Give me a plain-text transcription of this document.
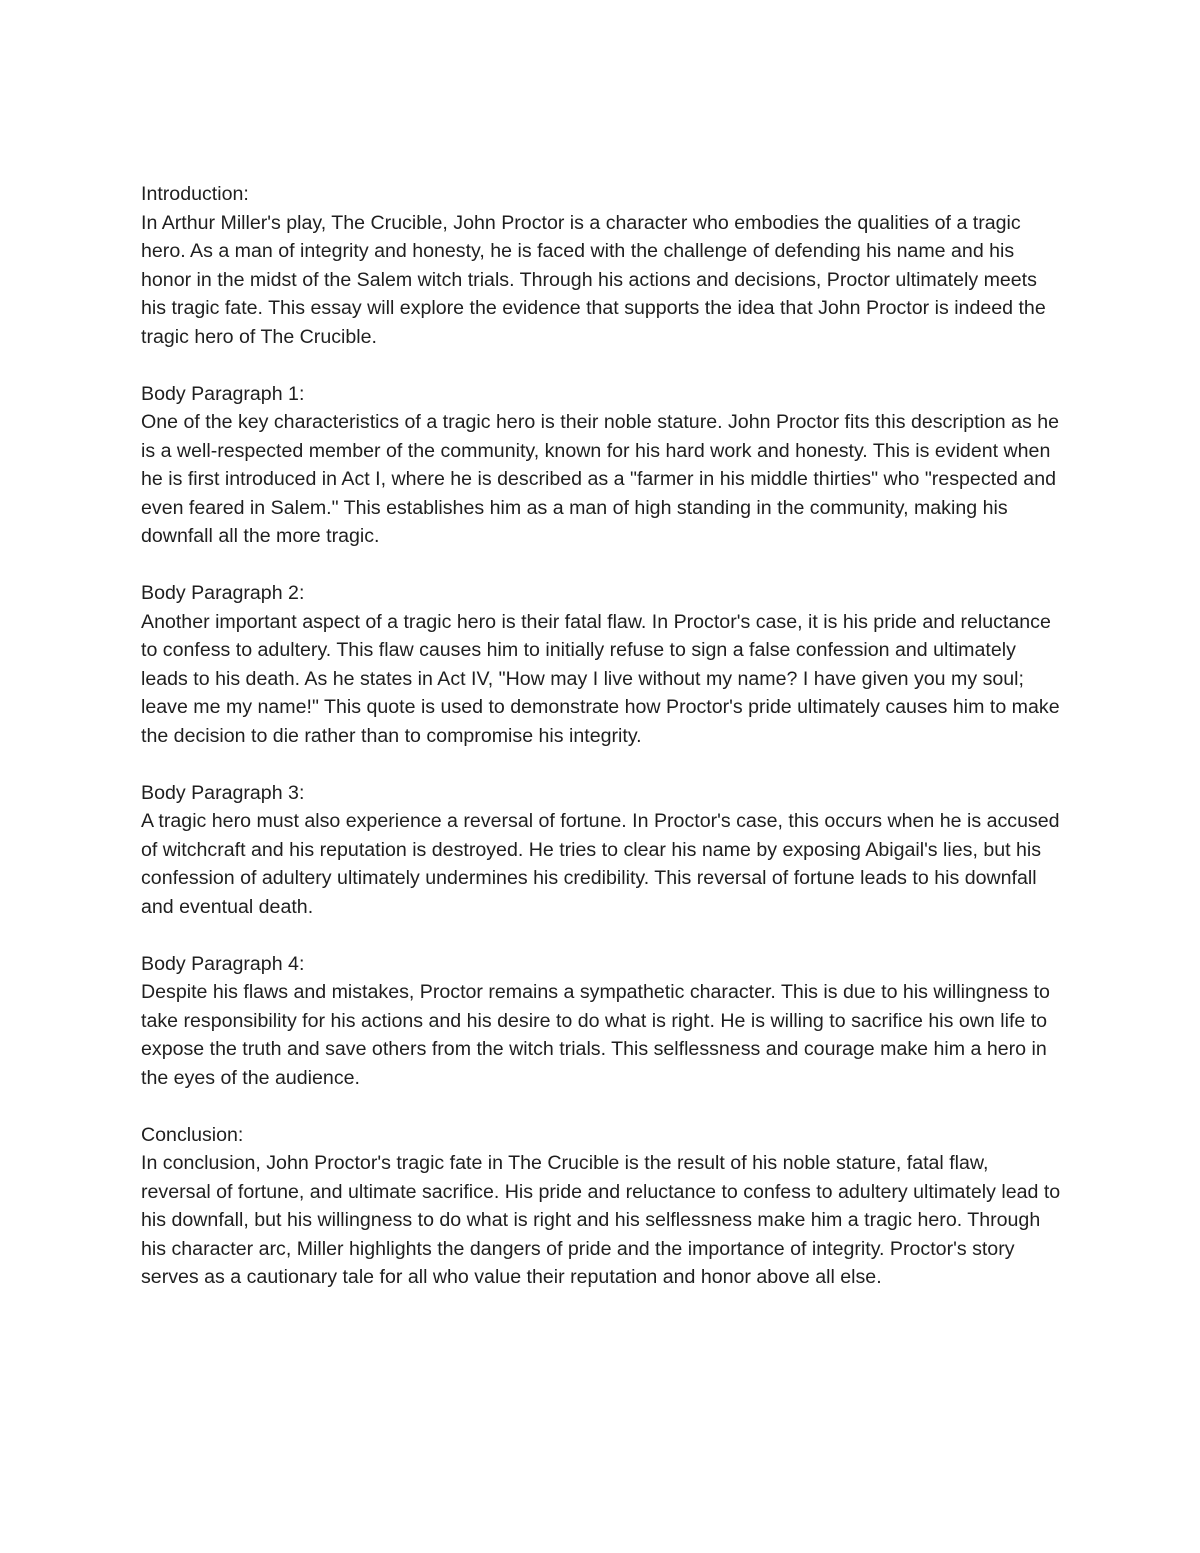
Introduction:
In Arthur Miller's play, The Crucible, John Proctor is a character who embodies the qualities of a tragic hero. As a man of integrity and honesty, he is faced with the challenge of defending his name and his honor in the midst of the Salem witch trials. Through his actions and decisions, Proctor ultimately meets his tragic fate. This essay will explore the evidence that supports the idea that John Proctor is indeed the tragic hero of The Crucible.
Body Paragraph 1:
One of the key characteristics of a tragic hero is their noble stature. John Proctor fits this description as he is a well-respected member of the community, known for his hard work and honesty. This is evident when he is first introduced in Act I, where he is described as a "farmer in his middle thirties" who "respected and even feared in Salem." This establishes him as a man of high standing in the community, making his downfall all the more tragic.
Body Paragraph 2:
Another important aspect of a tragic hero is their fatal flaw. In Proctor's case, it is his pride and reluctance to confess to adultery. This flaw causes him to initially refuse to sign a false confession and ultimately leads to his death. As he states in Act IV, "How may I live without my name? I have given you my soul; leave me my name!" This quote is used to demonstrate how Proctor's pride ultimately causes him to make the decision to die rather than to compromise his integrity.
Body Paragraph 3:
A tragic hero must also experience a reversal of fortune. In Proctor's case, this occurs when he is accused of witchcraft and his reputation is destroyed. He tries to clear his name by exposing Abigail's lies, but his confession of adultery ultimately undermines his credibility. This reversal of fortune leads to his downfall and eventual death.
Body Paragraph 4:
Despite his flaws and mistakes, Proctor remains a sympathetic character. This is due to his willingness to take responsibility for his actions and his desire to do what is right. He is willing to sacrifice his own life to expose the truth and save others from the witch trials. This selflessness and courage make him a hero in the eyes of the audience.
Conclusion:
In conclusion, John Proctor's tragic fate in The Crucible is the result of his noble stature, fatal flaw, reversal of fortune, and ultimate sacrifice. His pride and reluctance to confess to adultery ultimately lead to his downfall, but his willingness to do what is right and his selflessness make him a tragic hero. Through his character arc, Miller highlights the dangers of pride and the importance of integrity. Proctor's story serves as a cautionary tale for all who value their reputation and honor above all else.
